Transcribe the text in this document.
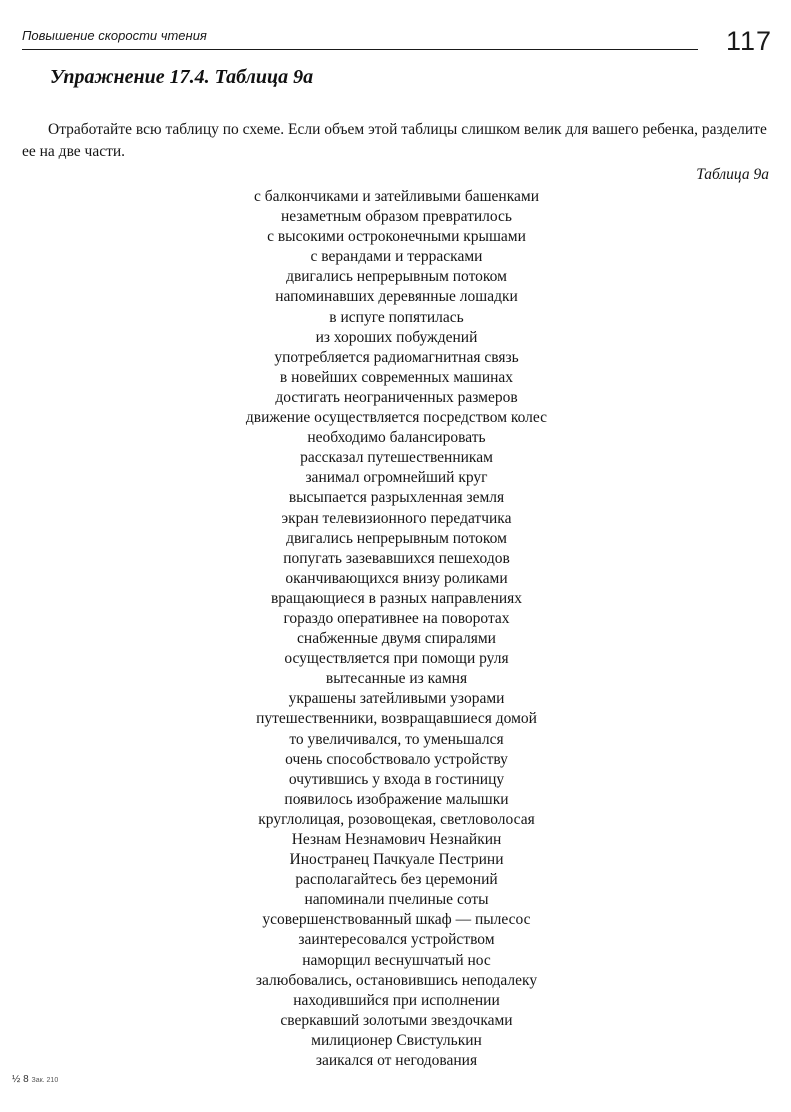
Повышение скорости чтения	117
Упражнение 17.4. Таблица 9а

Отработайте всю таблицу по схеме. Если объем этой таблицы слишком велик для вашего ребенка, разделите ее на две части.

Таблица 9а
с балкончиками и затейливыми башенками
незаметным образом превратилось
с высокими остроконечными крышами
с верандами и террасками
двигались непрерывным потоком
напоминавших деревянные лошадки
в испуге попятилась
из хороших побуждений
употребляется радиомагнитная связь
в новейших современных машинах
достигать неограниченных размеров
движение осуществляется посредством колес
необходимо балансировать
рассказал путешественникам
занимал огромнейший круг
высыпается разрыхленная земля
экран телевизионного передатчика
двигались непрерывным потоком
попугать зазевавшихся пешеходов
оканчивающихся внизу роликами
вращающиеся в разных направлениях
гораздо оперативнее на поворотах
снабженные двумя спиралями
осуществляется при помощи руля
вытесанные из камня
украшены затейливыми узорами
путешественники, возвращавшиеся домой
то увеличивался, то уменьшался
очень способствовало устройству
очутившись у входа в гостиницу
появилось изображение малышки
круглолицая, розовощекая, светловолосая
Незнам Незнамович Незнайкин
Иностранец Пачкуале Пестрини
располагайтесь без церемоний
напоминали пчелиные соты
усовершенствованный шкаф — пылесос
заинтересовался устройством
наморщил веснушчатый нос
залюбовались, остановившись неподалеку
находившийся при исполнении
сверкавший золотыми звездочками
милиционер Свистулькин
заикался от негодования
½ 8 Зак. 210
